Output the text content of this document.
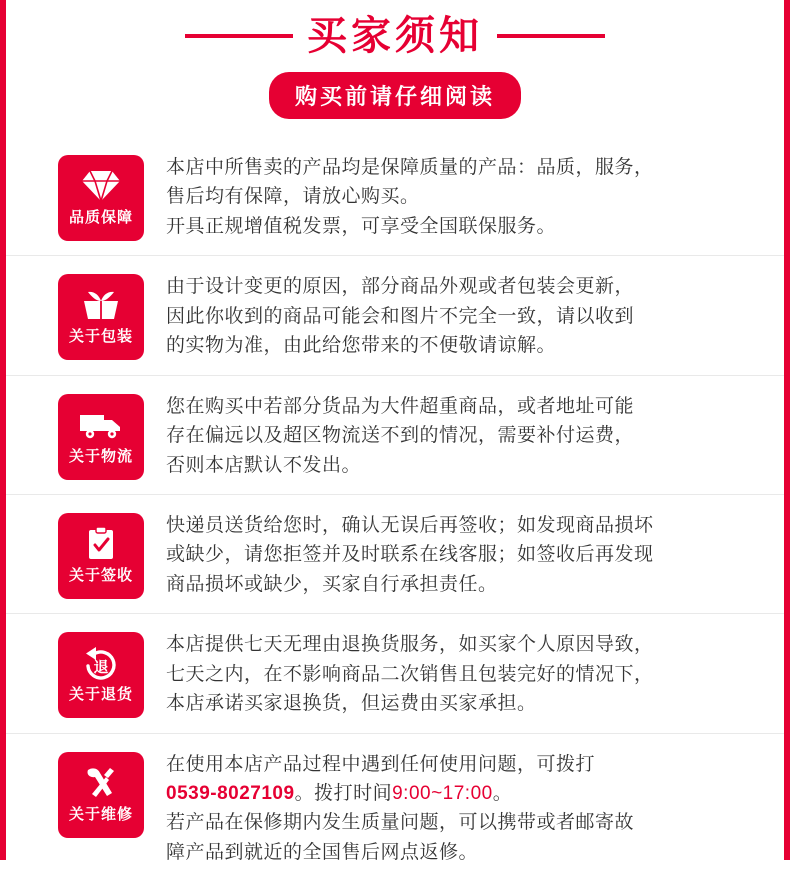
买家须知
购买前请仔细阅读
品质保障
本店中所售卖的产品均是保障质量的产品：品质，服务，
售后均有保障，请放心购买。
开具正规增值税发票，可享受全国联保服务。
关于包装
由于设计变更的原因，部分商品外观或者包装会更新，
因此你收到的商品可能会和图片不完全一致，请以收到
的实物为准，由此给您带来的不便敬请谅解。
关于物流
您在购买中若部分货品为大件超重商品，或者地址可能
存在偏远以及超区物流送不到的情况，需要补付运费，
否则本店默认不发出。
关于签收
快递员送货给您时，确认无误后再签收；如发现商品损坏
或缺少，请您拒签并及时联系在线客服；如签收后再发现
商品损坏或缺少，买家自行承担责任。
退
关于退货
本店提供七天无理由退换货服务，如买家个人原因导致，
七天之内，在不影响商品二次销售且包装完好的情况下，
本店承诺买家退换货，但运费由买家承担。
关于维修
在使用本店产品过程中遇到任何使用问题，可拨打
0539-8027109。拨打时间9:00~17:00。
若产品在保修期内发生质量问题，可以携带或者邮寄故
障产品到就近的全国售后网点返修。
